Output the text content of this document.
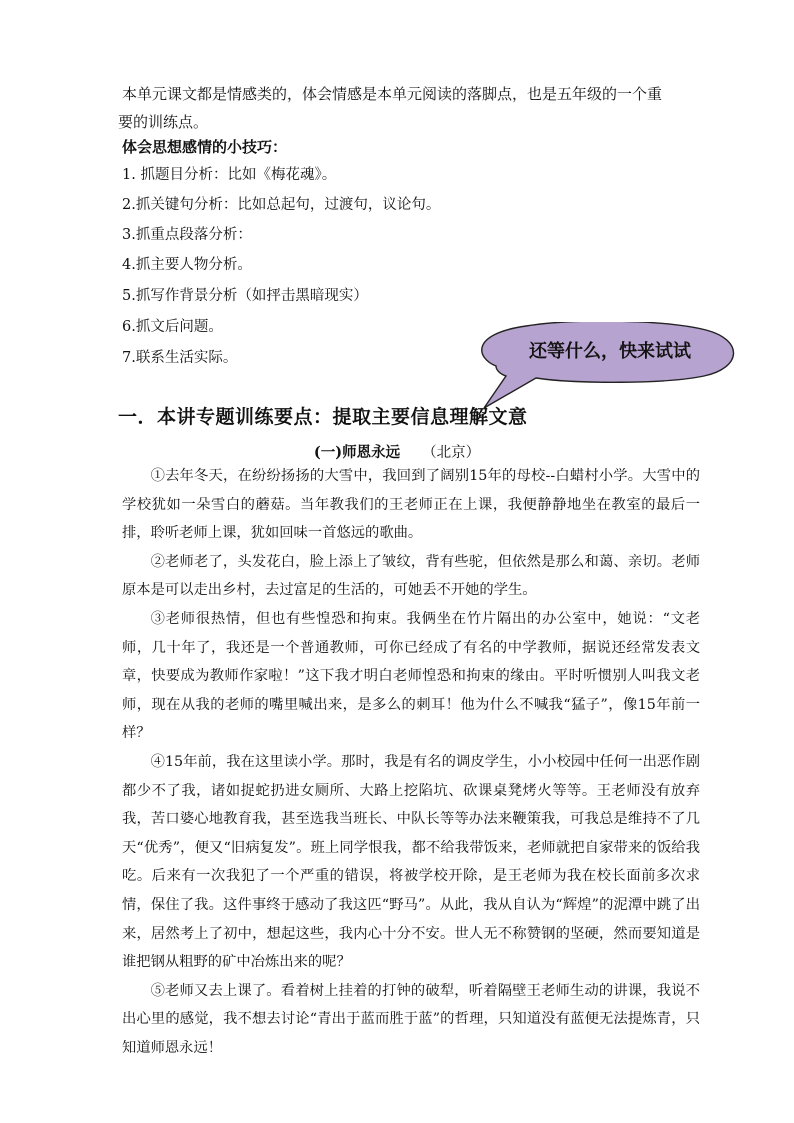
本单元课文都是情感类的，体会情感是本单元阅读的落脚点，也是五年级的一个重
要的训练点。
体会思想感情的小技巧：
1. 抓题目分析：比如《梅花魂》。
2.抓关键句分析：比如总起句，过渡句，议论句。
3.抓重点段落分析：
4.抓主要人物分析。
5.抓写作背景分析（如抨击黑暗现实）
6.抓文后问题。
7.联系生活实际。	还等什么，快来试试
一．本讲专题训练要点：提取主要信息理解文意
(一)师恩永远 （北京）

①去年冬天，在纷纷扬扬的大雪中，我回到了阔别15年的母校--白蜡村小学。大雪中的学校犹如一朵雪白的蘑菇。当年教我们的王老师正在上课，我便静静地坐在教室的最后一排，聆听老师上课，犹如回味一首悠远的歌曲。

②老师老了，头发花白，脸上添上了皱纹，背有些驼，但依然是那么和蔼、亲切。老师原本是可以走出乡村，去过富足的生活的，可她丢不开她的学生。

③老师很热情，但也有些惶恐和拘束。我俩坐在竹片隔出的办公室中，她说：“文老师，几十年了，我还是一个普通教师，可你已经成了有名的中学教师，据说还经常发表文章，快要成为教师作家啦！”这下我才明白老师惶恐和拘束的缘由。平时听惯别人叫我文老师，现在从我的老师的嘴里喊出来，是多么的刺耳！他为什么不喊我“猛子”，像15年前一样？

④15年前，我在这里读小学。那时，我是有名的调皮学生，小小校园中任何一出恶作剧都少不了我，诸如捉蛇扔进女厕所、大路上挖陷坑、砍课桌凳烤火等等。王老师没有放弃我，苦口婆心地教育我，甚至选我当班长、中队长等等办法来鞭策我，可我总是维持不了几天“优秀”，便又“旧病复发”。班上同学恨我，都不给我带饭来，老师就把自家带来的饭给我吃。后来有一次我犯了一个严重的错误，将被学校开除，是王老师为我在校长面前多次求情，保住了我。这件事终于感动了我这匹“野马”。从此，我从自认为“辉煌”的泥潭中跳了出来，居然考上了初中，想起这些，我内心十分不安。世人无不称赞钢的坚硬，然而要知道是谁把钢从粗野的矿中冶炼出来的呢？

⑤老师又去上课了。看着树上挂着的打钟的破犁，听着隔壁王老师生动的讲课，我说不出心里的感觉，我不想去讨论“青出于蓝而胜于蓝”的哲理，只知道没有蓝便无法提炼青，只知道师恩永远！
